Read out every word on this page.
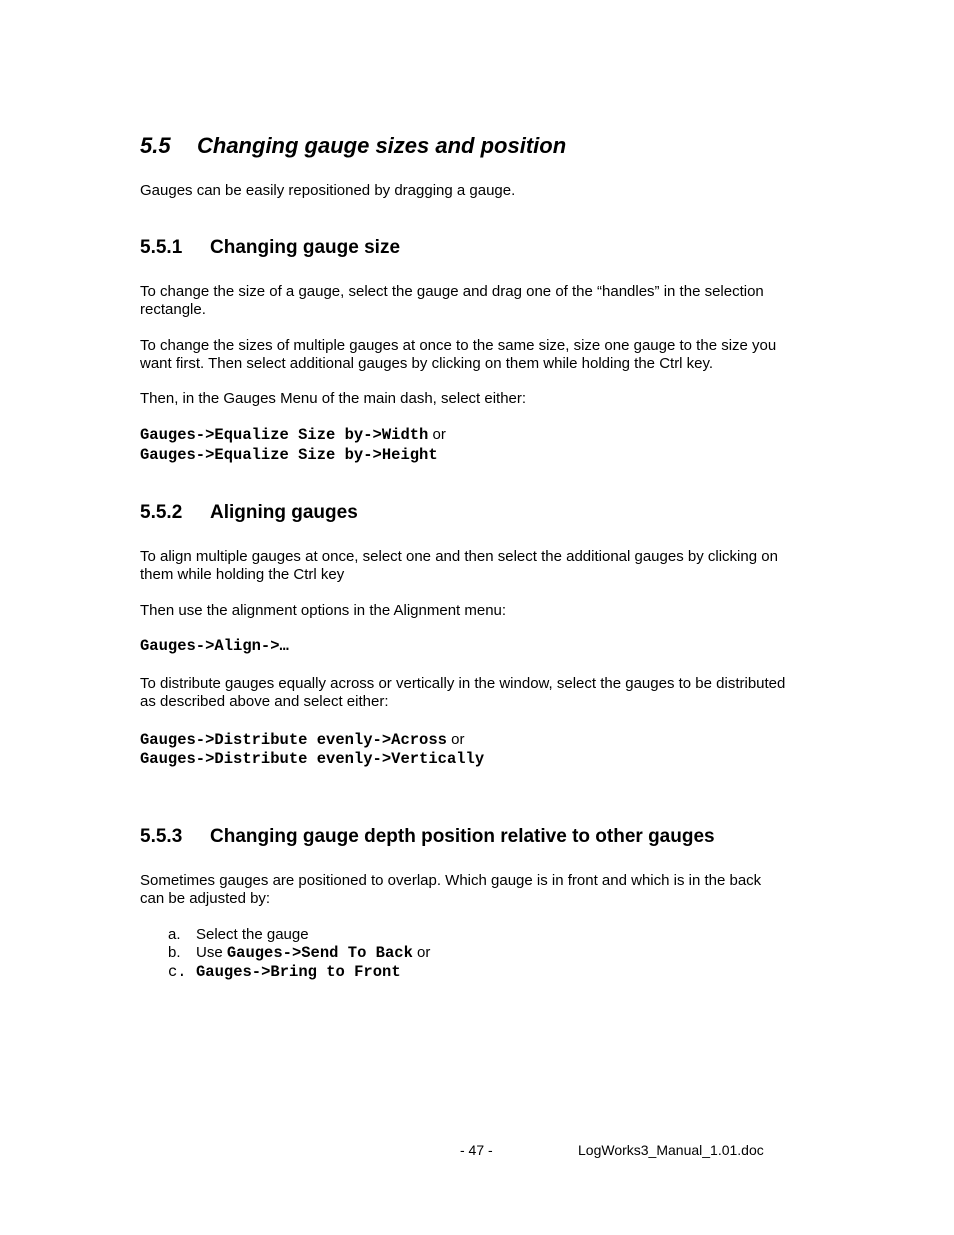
5.5 Changing gauge sizes and position
Gauges can be easily repositioned by dragging a gauge.
5.5.1 Changing gauge size
To change the size of a gauge, select the gauge and drag one of the “handles” in the selection
rectangle.
To change the sizes of multiple gauges at once to the same size, size one gauge to the size you
want first. Then select additional gauges by clicking on them while holding the Ctrl key.
Then, in the Gauges Menu of the main dash, select either:
Gauges->Equalize Size by->Width or
Gauges->Equalize Size by->Height
5.5.2 Aligning gauges
To align multiple gauges at once, select one and then select the additional gauges by clicking on
them while holding the Ctrl key
Then use the alignment options in the Alignment menu:
Gauges->Align->…
To distribute gauges equally across or vertically in the window, select the gauges to be distributed
as described above and select either:
Gauges->Distribute evenly->Across or
Gauges->Distribute evenly->Vertically
5.5.3 Changing gauge depth position relative to other gauges
Sometimes gauges are positioned to overlap. Which gauge is in front and which is in the back
can be adjusted by:
a. Select the gauge
b. Use Gauges->Send To Back or
c. Gauges->Bring to Front
- 47 -	LogWorks3_Manual_1.01.doc
